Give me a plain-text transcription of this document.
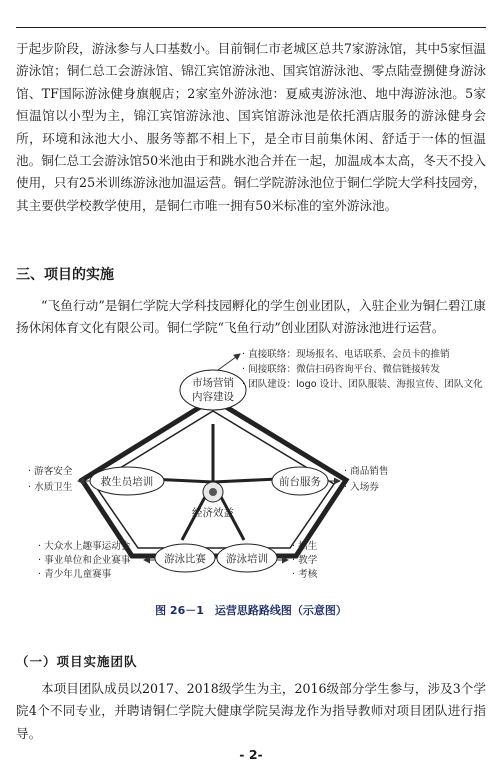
于起步阶段，游泳参与人口基数小。目前铜仁市老城区总共7家游泳馆，其中5家恒温游泳馆；铜仁总工会游泳馆、锦江宾馆游泳池、国宾馆游泳池、零点陆壹捌健身游泳馆、TF国际游泳健身旗舰店；2家室外游泳池：夏威夷游泳池、地中海游泳池。5家恒温馆以小型为主，锦江宾馆游泳池、国宾馆游泳池是依托酒店服务的游泳健身会所，环境和泳池大小、服务等都不相上下，是全市目前集休闲、舒适于一体的恒温池。铜仁总工会游泳馆50米池由于和跳水池合并在一起，加温成本太高，冬天不投入使用，只有25米训练游泳池加温运营。铜仁学院游泳池位于铜仁学院大学科技园旁，其主要供学校教学使用，是铜仁市唯一拥有50米标准的室外游泳池。

三、项目的实施

“飞鱼行动”是铜仁学院大学科技园孵化的学生创业团队，入驻企业为铜仁碧江康扬休闲体育文化有限公司。铜仁学院“飞鱼行动”创业团队对游泳池进行运营。

经济效益
市场营销
内容建设
救生员培训	前台服务
游泳比赛 游泳培训
· 直接联络：现场报名、电话联系、会员卡的推销
· 间接联络：微信扫码咨询平台、微信链接转发
· 团队建设：logo 设计、团队服装、海报宣传、团队文化
· 游客安全
· 水质卫生
· 商品销售
· 入场券
· 大众水上趣事运动会
· 事业单位和企业赛事
· 青少年儿童赛事
· 招生
· 教学
· 考核
图 26－1　运营思路路线图（示意图）
（一）项目实施团队

本项目团队成员以2017、2018级学生为主，2016级部分学生参与，涉及3个学院4个不同专业，并聘请铜仁学院大健康学院吴海龙作为指导教师对项目团队进行指导。

- 2-
